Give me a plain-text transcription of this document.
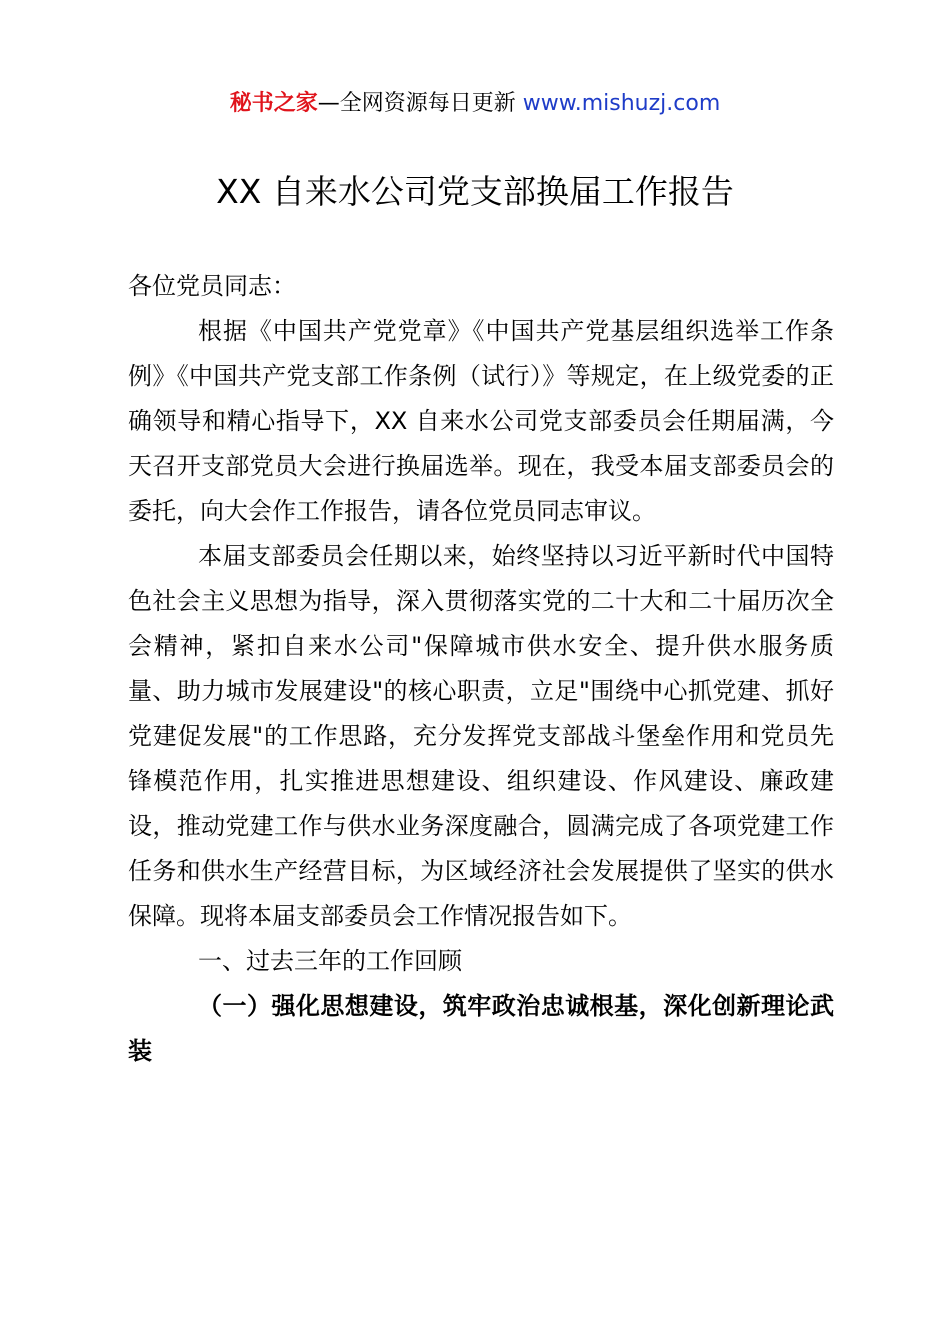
秘书之家—全网资源每日更新 www.mishuzj.com
XX 自来水公司党支部换届工作报告

各位党员同志：

根据《中国共产党党章》《中国共产党基层组织选举工作条例》《中国共产党支部工作条例（试行）》等规定，在上级党委的正确领导和精心指导下，XX 自来水公司党支部委员会任期届满，今天召开支部党员大会进行换届选举。现在，我受本届支部委员会的委托，向大会作工作报告，请各位党员同志审议。

本届支部委员会任期以来，始终坚持以习近平新时代中国特色社会主义思想为指导，深入贯彻落实党的二十大和二十届历次全会精神，紧扣自来水公司"保障城市供水安全、提升供水服务质量、助力城市发展建设"的核心职责，立足"围绕中心抓党建、抓好党建促发展"的工作思路，充分发挥党支部战斗堡垒作用和党员先锋模范作用，扎实推进思想建设、组织建设、作风建设、廉政建设，推动党建工作与供水业务深度融合，圆满完成了各项党建工作任务和供水生产经营目标，为区域经济社会发展提供了坚实的供水保障。现将本届支部委员会工作情况报告如下。

一、过去三年的工作回顾

（一）强化思想建设，筑牢政治忠诚根基，深化创新理论武装
